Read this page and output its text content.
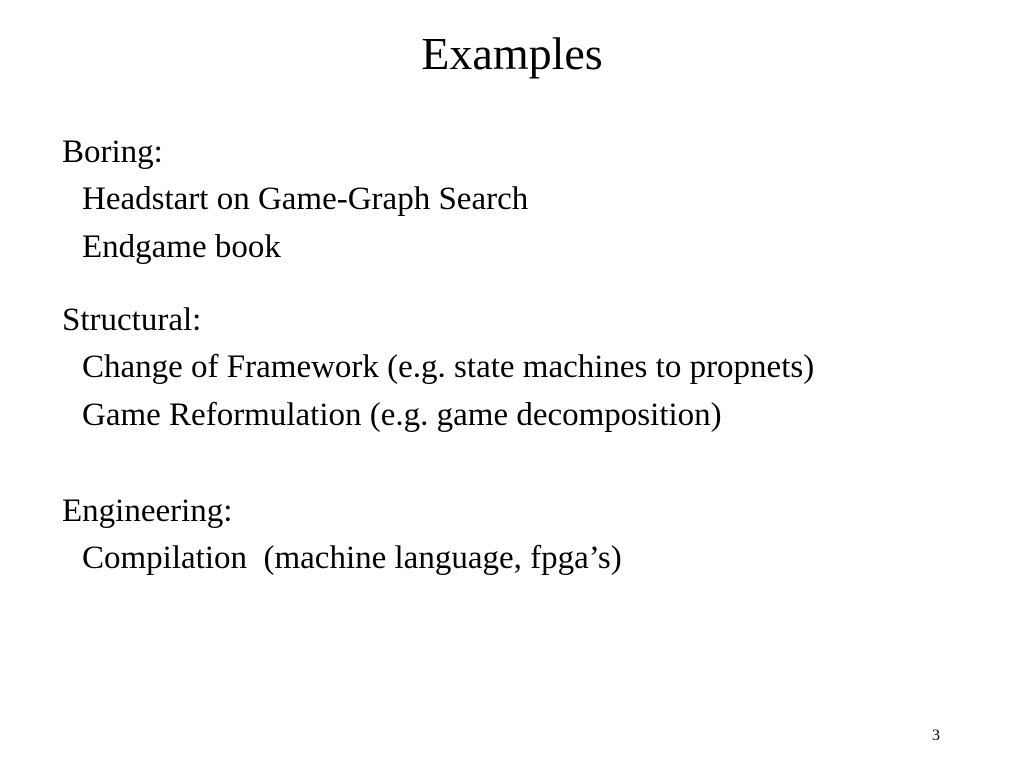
Examples
Boring:
Headstart on Game-Graph Search
Endgame book
Structural:
Change of Framework (e.g. state machines to propnets)
Game Reformulation (e.g. game decomposition)
Engineering:
Compilation  (machine language, fpga’s)
3
